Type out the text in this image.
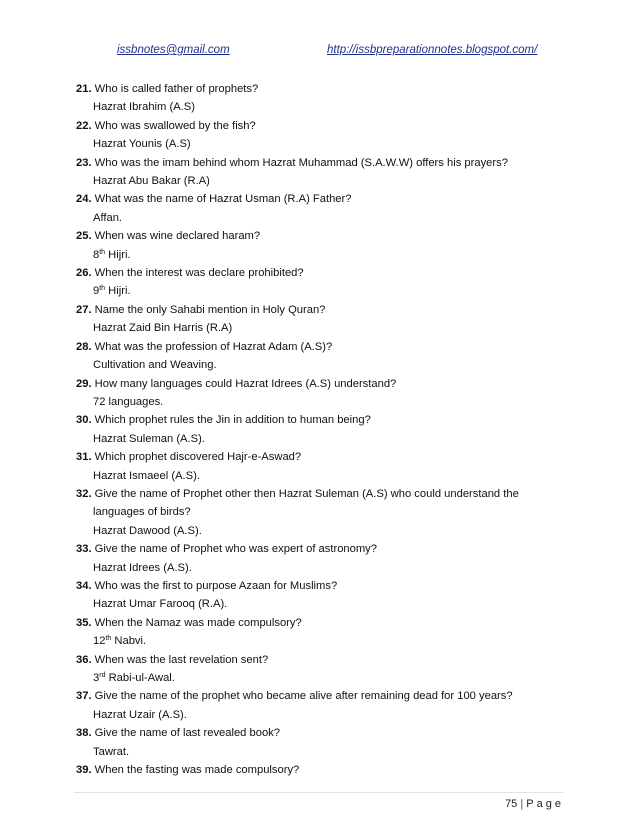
issbnotes@gmail.com	http://issbpreparationnotes.blogspot.com/
21. Who is called father of prophets?
Hazrat Ibrahim (A.S)
22. Who was swallowed by the fish?
Hazrat Younis (A.S)
23. Who was the imam behind whom Hazrat Muhammad (S.A.W.W) offers his prayers?
Hazrat Abu Bakar (R.A)
24. What was the name of Hazrat Usman (R.A) Father?
Affan.
25. When was wine declared haram?
8th Hijri.
26. When the interest was declare prohibited?
9th Hijri.
27. Name the only Sahabi mention in Holy Quran?
Hazrat Zaid Bin Harris (R.A)
28. What was the profession of Hazrat Adam (A.S)?
Cultivation and Weaving.
29. How many languages could Hazrat Idrees (A.S) understand?
72 languages.
30. Which prophet rules the Jin in addition to human being?
Hazrat Suleman (A.S).
31. Which prophet discovered Hajr-e-Aswad?
Hazrat Ismaeel (A.S).
32. Give the name of Prophet other then Hazrat Suleman (A.S) who could understand the languages of birds?
Hazrat Dawood (A.S).
33. Give the name of Prophet who was expert of astronomy?
Hazrat Idrees (A.S).
34. Who was the first to purpose Azaan for Muslims?
Hazrat Umar Farooq (R.A).
35. When the Namaz was made compulsory?
12th Nabvi.
36. When was the last revelation sent?
3rd Rabi-ul-Awal.
37. Give the name of the prophet who became alive after remaining dead for 100 years?
Hazrat Uzair (A.S).
38. Give the name of last revealed book?
Tawrat.
39. When the fasting was made compulsory?
75 | Page
